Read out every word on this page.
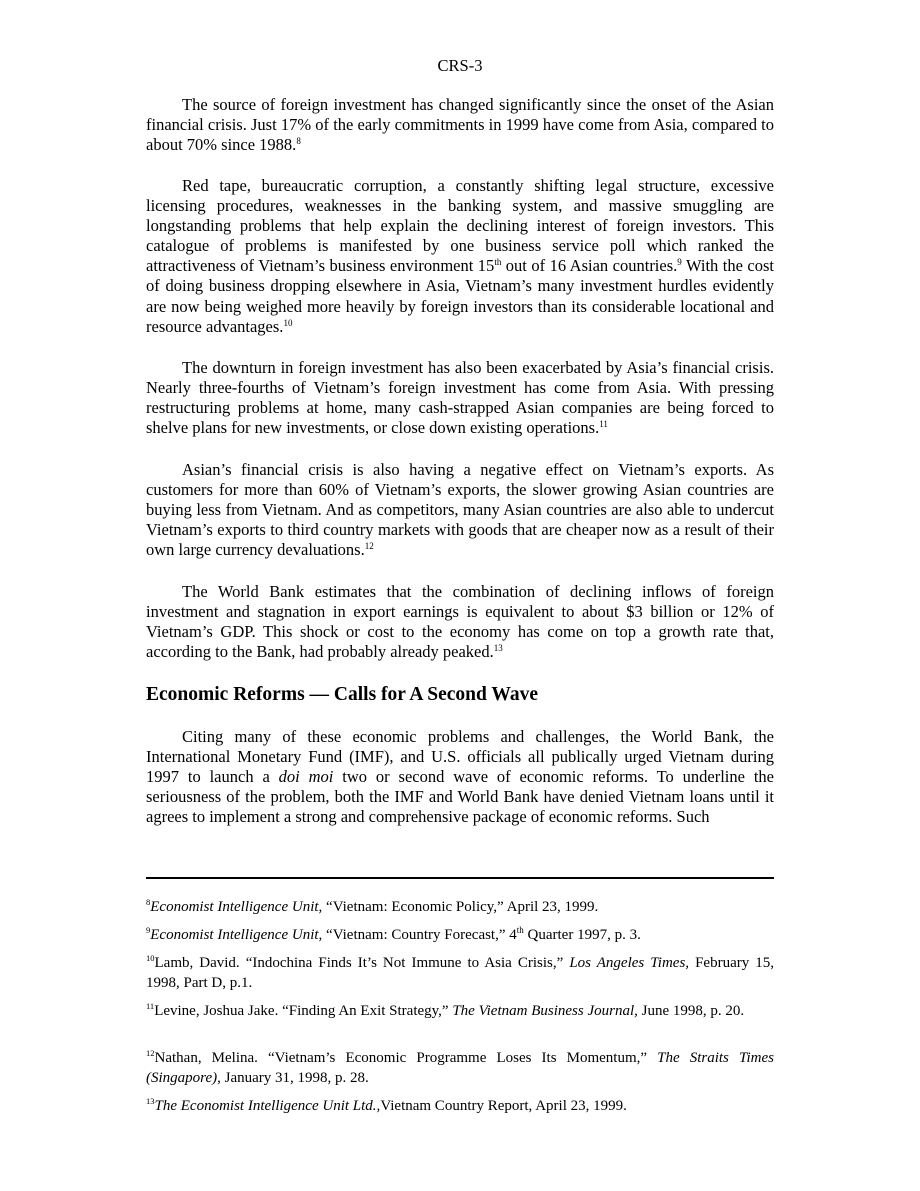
CRS-3

The source of foreign investment has changed significantly since the onset of the Asian financial crisis. Just 17% of the early commitments in 1999 have come from Asia, compared to about 70% since 1988.$^8$

Red tape, bureaucratic corruption, a constantly shifting legal structure, excessive licensing procedures, weaknesses in the banking system, and massive smuggling are longstanding problems that help explain the declining interest of foreign investors. This catalogue of problems is manifested by one business service poll which ranked the attractiveness of Vietnam’s business environment 15th out of 16 Asian countries.$^9$ With the cost of doing business dropping elsewhere in Asia, Vietnam’s many investment hurdles evidently are now being weighed more heavily by foreign investors than its considerable locational and resource advantages.$^{10}$

The downturn in foreign investment has also been exacerbated by Asia’s financial crisis. Nearly three-fourths of Vietnam’s foreign investment has come from Asia. With pressing restructuring problems at home, many cash-strapped Asian companies are being forced to shelve plans for new investments, or close down existing operations.$^{11}$

Asian’s financial crisis is also having a negative effect on Vietnam’s exports. As customers for more than 60% of Vietnam’s exports, the slower growing Asian countries are buying less from Vietnam. And as competitors, many Asian countries are also able to undercut Vietnam’s exports to third country markets with goods that are cheaper now as a result of their own large currency devaluations.$^{12}$

The World Bank estimates that the combination of declining inflows of foreign investment and stagnation in export earnings is equivalent to about $3 billion or 12% of Vietnam’s GDP. This shock or cost to the economy has come on top a growth rate that, according to the Bank, had probably already peaked.$^{13}$

Economic Reforms — Calls for A Second Wave

Citing many of these economic problems and challenges, the World Bank, the International Monetary Fund (IMF), and U.S. officials all publically urged Vietnam during 1997 to launch a doi moi two or second wave of economic reforms. To underline the seriousness of the problem, both the IMF and World Bank have denied Vietnam loans until it agrees to implement a strong and comprehensive package of economic reforms. Such

$^8$Economist Intelligence Unit, “Vietnam: Economic Policy,” April 23, 1999.

$^9$Economist Intelligence Unit, “Vietnam: Country Forecast,” 4th Quarter 1997, p. 3.

$^{10}$Lamb, David. “Indochina Finds It’s Not Immune to Asia Crisis,” Los Angeles Times, February 15, 1998, Part D, p.1.

$^{11}$Levine, Joshua Jake. “Finding An Exit Strategy,” The Vietnam Business Journal, June 1998, p. 20.

$^{12}$Nathan, Melina. “Vietnam’s Economic Programme Loses Its Momentum,” The Straits Times (Singapore), January 31, 1998, p. 28.

$^{13}$The Economist Intelligence Unit Ltd.,Vietnam Country Report, April 23, 1999.
